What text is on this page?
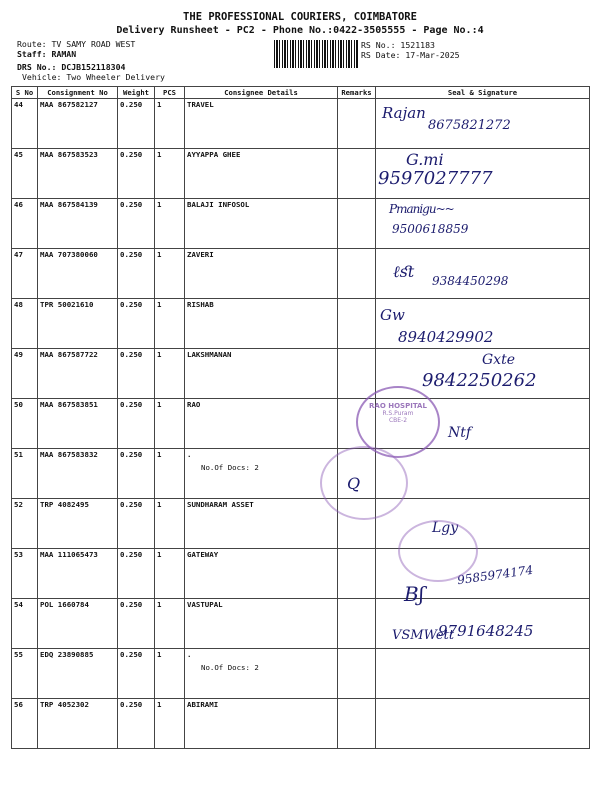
THE PROFESSIONAL COURIERS, COIMBATORE
Delivery Runsheet - PC2 - Phone No.:0422-3505555 - Page No.:4
Route: TV SAMY ROAD WEST
Staff: RAMAN
DRS No.: DCJB152118304
Vehicle: Two Wheeler Delivery
RS No.: 1521183
RS Date: 17-Mar-2025
S No	Consignment No	Weight	PCS	Consignee Details	Remarks	Seal & Signature
44	MAA 867582127	0.250	1	TRAVEL		

45	MAA 867583523	0.250	1	AYYAPPA GHEE		

46	MAA 867584139	0.250	1	BALAJI INFOSOL		

47	MAA 707380060	0.250	1	ZAVERI		

48	TPR 50021610	0.250	1	RISHAB		

49	MAA 867587722	0.250	1	LAKSHMANAN		

50	MAA 867583851	0.250	1	RAO		

51	MAA 867583832	0.250	1	.
No.Of Docs: 2		

52	TRP 4082495	0.250	1	SUNDHARAM ASSET		

53	MAA 111065473	0.250	1	GATEWAY		

54	POL 1660784	0.250	1	VASTUPAL		

55	EDQ 23890885	0.250	1	.
No.Of Docs: 2		

56	TRP 4052302	0.250	1	ABIRAMI		

Rajan
8675821272
G.mi
9597027777
Pmanigu~~
9500618859
ℓﬆ 9384450298
Gw
8940429902
Gxte
9842250262
Ntf
Q
Lgy
Bʃ
9585974174
VSMWett
9791648245
RAO HOSPITAL
R.S.Puram
CBE-2
